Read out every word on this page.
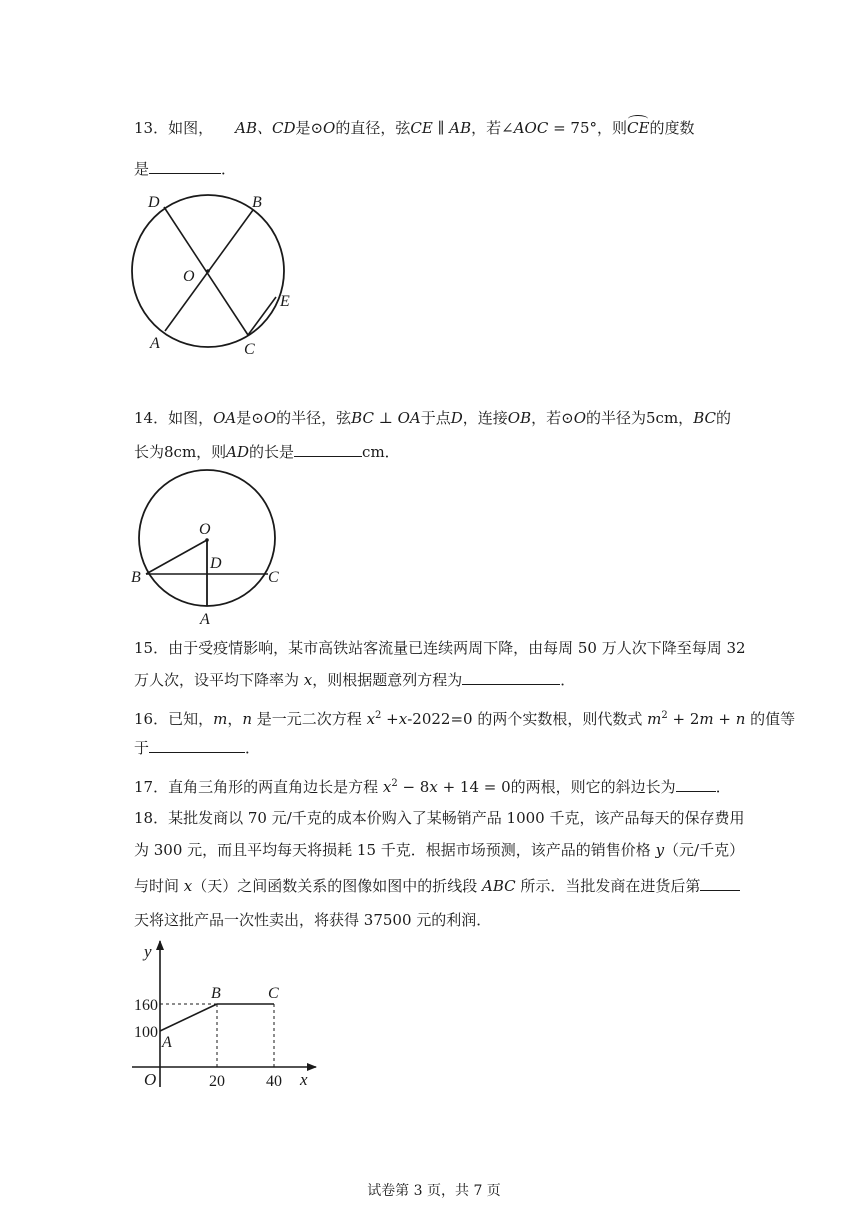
13．如图， AB、CD是⊙O的直径，弦CE ∥ AB，若∠AOC = 75°，则CE的度数
是	．
D	B
O
E
A	C
14．如图，OA是⊙O的半径，弦BC ⊥ OA于点D，连接OB，若⊙O的半径为5cm，BC的
长为8cm，则AD的长是	cm．
O
D
B	C
A
15．由于受疫情影响，某市高铁站客流量已连续两周下降，由每周 50 万人次下降至每周 32
万人次，设平均下降率为 x，则根据题意列方程为	．
16．已知，m，n 是一元二次方程 $x^2 +x-2022=0$ 的两个实数根，则代数式 $m^2 + 2m + n$ 的值等
于	．
17．直角三角形的两直角边长是方程 $x^2 - 8x + 14 = 0$的两根，则它的斜边长为	．
18．某批发商以 70 元/千克的成本价购入了某畅销产品 1000 千克，该产品每天的保存费用
为 300 元，而且平均每天将损耗 15 千克．根据市场预测，该产品的销售价格 y（元/千克）
与时间 x（天）之间函数关系的图像如图中的折线段 ABC 所示．当批发商在进货后第
天将这批产品一次性卖出，将获得 37500 元的利润．
x
y
O
A
B	C
20	40
100
160
试卷第 3 页，共 7 页
